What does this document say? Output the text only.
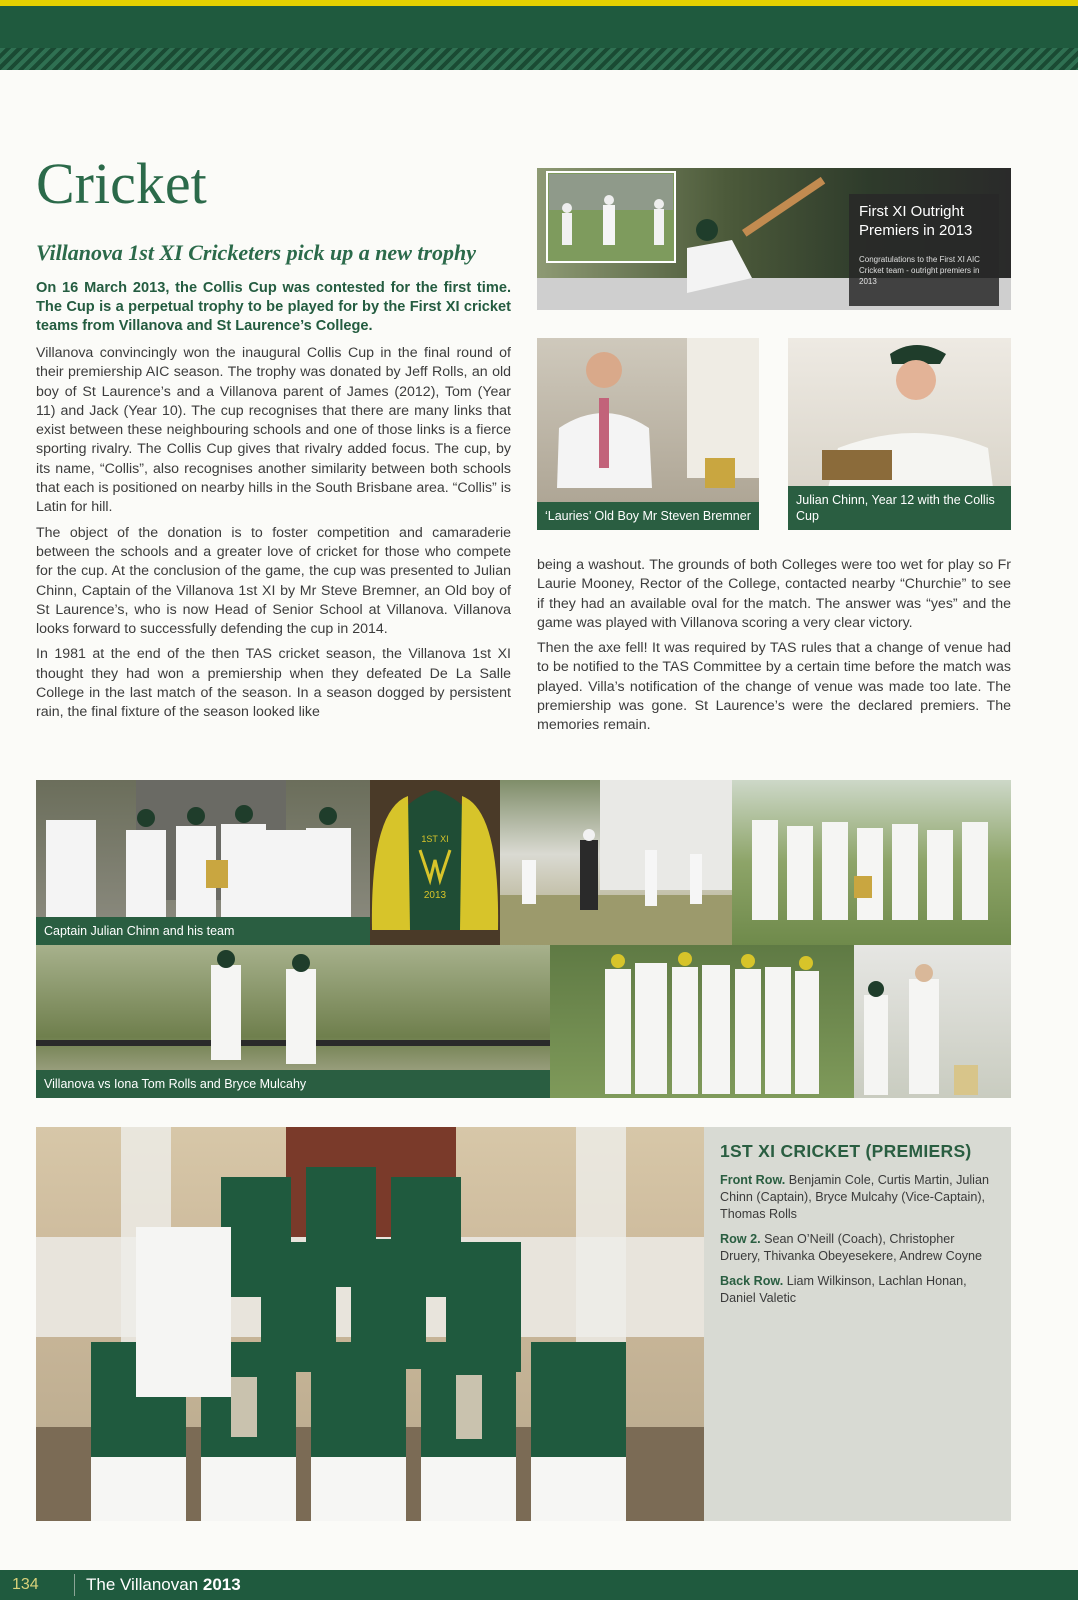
Cricket
Villanova 1st XI Cricketers pick up a new trophy

On 16 March 2013, the Collis Cup was contested for the first time. The Cup is a perpetual trophy to be played for by the First XI cricket teams from Villanova and St Laurence’s College.

Villanova convincingly won the inaugural Collis Cup in the final round of their premiership AIC season. The trophy was donated by Jeff Rolls, an old boy of St Laurence’s and a Villanova parent of James (2012), Tom (Year 11) and Jack (Year 10). The cup recognises that there are many links that exist between these neighbouring schools and one of those links is a fierce sporting rivalry. The Collis Cup gives that rivalry added focus. The cup, by its name, “Collis”, also recognises another similarity between both schools that each is positioned on nearby hills in the South Brisbane area. “Collis” is Latin for hill.

The object of the donation is to foster competition and camaraderie between the schools and a greater love of cricket for those who compete for the cup. At the conclusion of the game, the cup was presented to Julian Chinn, Captain of the Villanova 1st XI by Mr Steve Bremner, an Old boy of St Laurence’s, who is now Head of Senior School at Villanova. Villanova looks forward to successfully defending the cup in 2014.

In 1981 at the end of the then TAS cricket season, the Villanova 1st XI thought they had won a premiership when they defeated De La Salle College in the last match of the season. In a season dogged by persistent rain, the final fixture of the season looked like

being a washout. The grounds of both Colleges were too wet for play so Fr Laurie Mooney, Rector of the College, contacted nearby “Churchie” to see if they had an available oval for the match. The answer was “yes” and the game was played with Villanova scoring a very clear victory.

Then the axe fell! It was required by TAS rules that a change of venue had to be notified to the TAS Committee by a certain time before the match was played. Villa’s notification of the change of venue was made too late. The premiership was gone. St Laurence’s were the declared premiers. The memories remain.

First XI Outright Premiers in 2013
Congratulations to the First XI AIC Cricket team - outright premiers in 2013
‘Lauries’ Old Boy Mr Steven Bremner
Julian Chinn, Year 12 with the Collis Cup
Captain Julian Chinn and his team
1ST XI
2013
Villanova vs Iona Tom Rolls and Bryce Mulcahy
1ST XI CRICKET (PREMIERS)

Front Row. Benjamin Cole, Curtis Martin, Julian Chinn (Captain), Bryce Mulcahy (Vice-Captain), Thomas Rolls

Row 2. Sean O’Neill (Coach), Christopher Druery, Thivanka Obeyesekere, Andrew Coyne

Back Row. Liam Wilkinson, Lachlan Honan, Daniel Valetic

134	The Villanovan 2013
